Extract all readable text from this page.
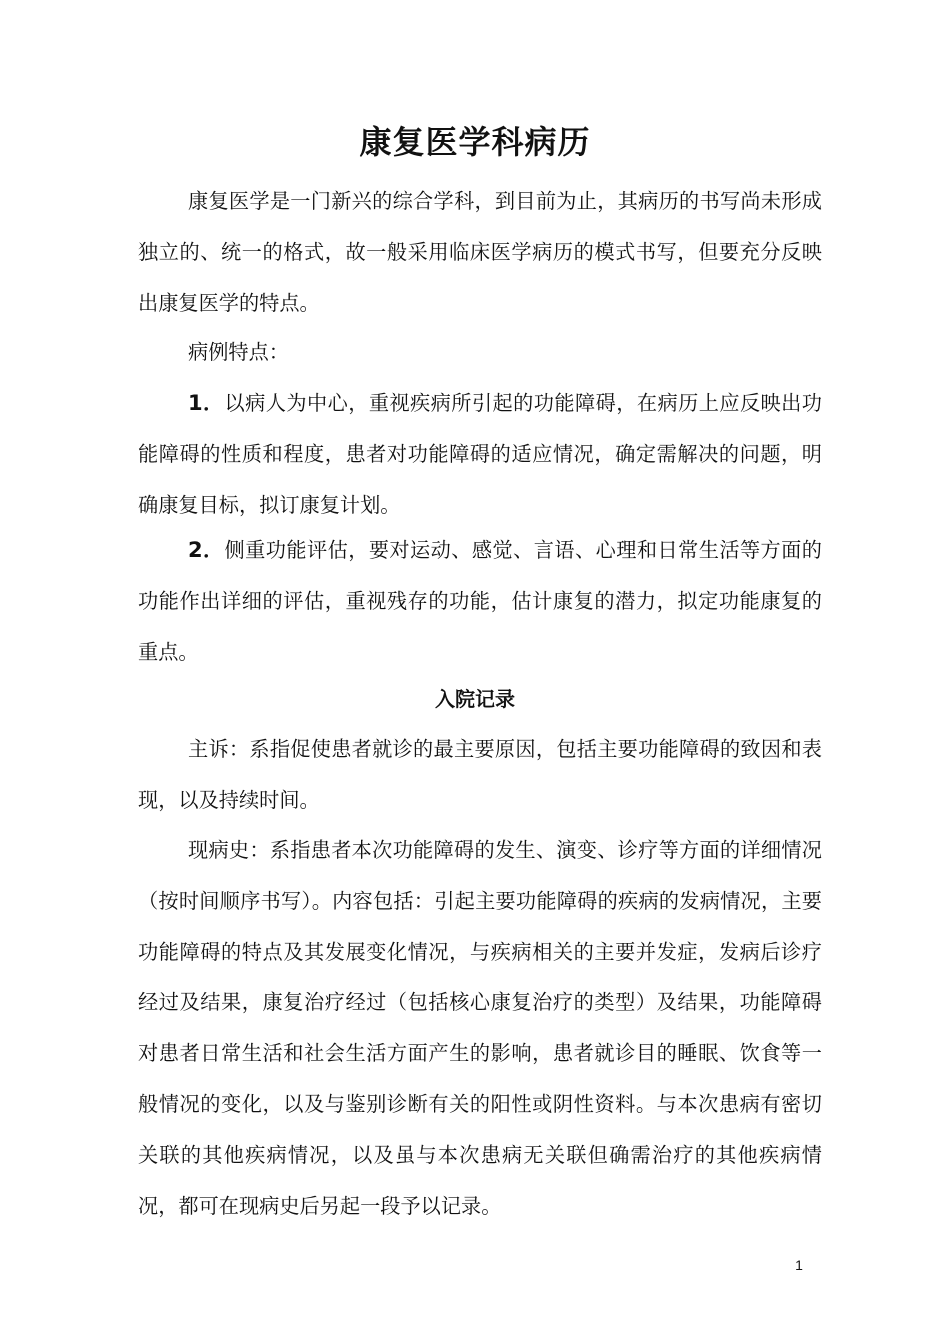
康复医学科病历

康复医学是一门新兴的综合学科，到目前为止，其病历的书写尚未形成独立的、统一的格式，故一般采用临床医学病历的模式书写，但要充分反映出康复医学的特点。

病例特点：

1．以病人为中心，重视疾病所引起的功能障碍，在病历上应反映出功能障碍的性质和程度，患者对功能障碍的适应情况，确定需解决的问题，明确康复目标，拟订康复计划。

2．侧重功能评估，要对运动、感觉、言语、心理和日常生活等方面的功能作出详细的评估，重视残存的功能，估计康复的潜力，拟定功能康复的重点。

入院记录

主诉：系指促使患者就诊的最主要原因，包括主要功能障碍的致因和表现，以及持续时间。

现病史：系指患者本次功能障碍的发生、演变、诊疗等方面的详细情况（按时间顺序书写）。内容包括：引起主要功能障碍的疾病的发病情况，主要功能障碍的特点及其发展变化情况，与疾病相关的主要并发症，发病后诊疗经过及结果，康复治疗经过（包括核心康复治疗的类型）及结果，功能障碍对患者日常生活和社会生活方面产生的影响，患者就诊目的睡眠、饮食等一般情况的变化，以及与鉴别诊断有关的阳性或阴性资料。与本次患病有密切关联的其他疾病情况，以及虽与本次患病无关联但确需治疗的其他疾病情况，都可在现病史后另起一段予以记录。

1
